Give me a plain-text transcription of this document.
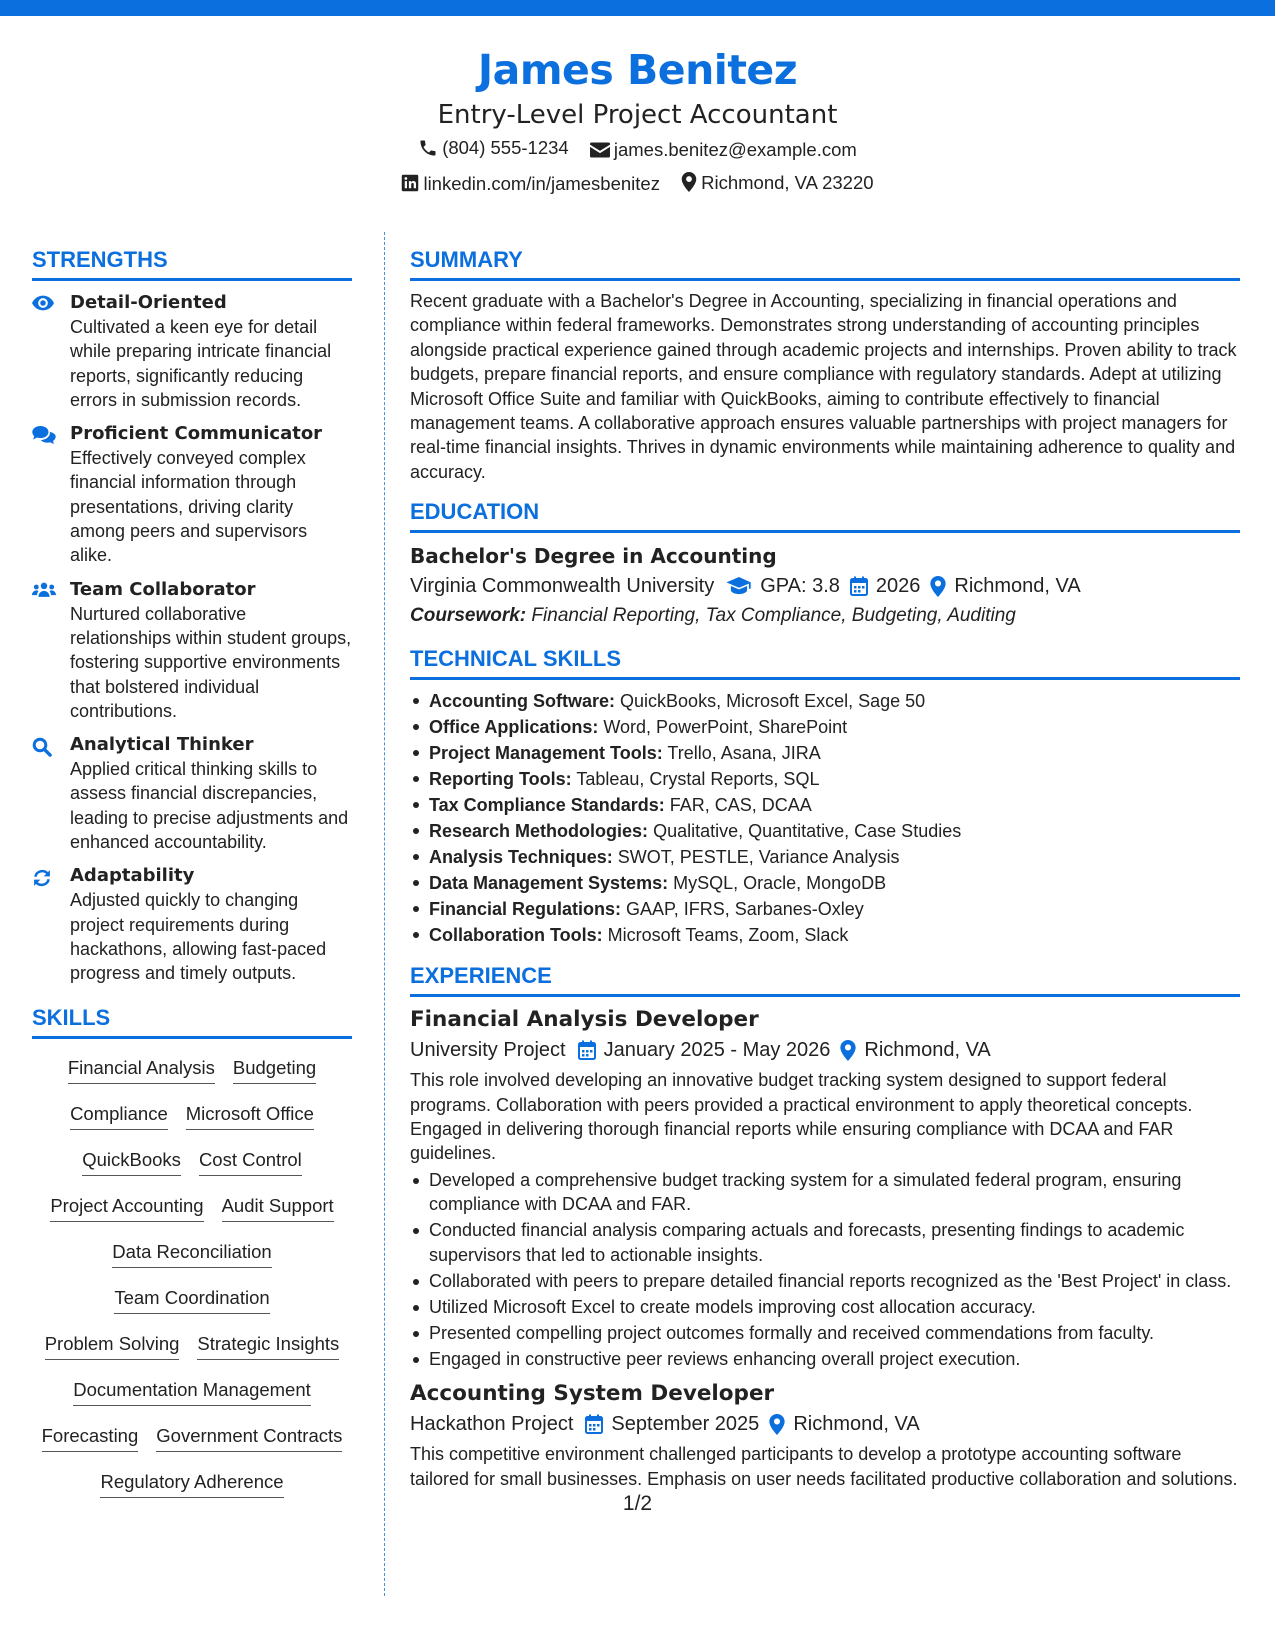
James Benitez
Entry-Level Project Accountant
(804) 555-1234
james.benitez@example.com
linkedin.com/in/jamesbenitez
Richmond, VA 23220
STRENGTHS
Detail-Oriented
Cultivated a keen eye for detail while preparing intricate financial reports, significantly reducing errors in submission records.
Proficient Communicator
Effectively conveyed complex financial information through presentations, driving clarity among peers and supervisors alike.
Team Collaborator
Nurtured collaborative relationships within student groups, fostering supportive environments that bolstered individual contributions.
Analytical Thinker
Applied critical thinking skills to assess financial discrepancies, leading to precise adjustments and enhanced accountability.
Adaptability
Adjusted quickly to changing project requirements during hackathons, allowing fast-paced progress and timely outputs.
SKILLS
Financial Analysis Budgeting
Compliance Microsoft Office
QuickBooks Cost Control
Project Accounting Audit Support
Data Reconciliation
Team Coordination
Problem Solving Strategic Insights
Documentation Management
Forecasting Government Contracts
Regulatory Adherence
SUMMARY
Recent graduate with a Bachelor's Degree in Accounting, specializing in financial operations and compliance within federal frameworks. Demonstrates strong understanding of accounting principles alongside practical experience gained through academic projects and internships. Proven ability to track budgets, prepare financial reports, and ensure compliance with regulatory standards. Adept at utilizing Microsoft Office Suite and familiar with QuickBooks, aiming to contribute effectively to financial management teams. A collaborative approach ensures valuable partnerships with project managers for real-time financial insights. Thrives in dynamic environments while maintaining adherence to quality and accuracy.
EDUCATION
Bachelor's Degree in Accounting
Virginia Commonwealth University GPA: 3.8 2026 Richmond, VA
Coursework: Financial Reporting, Tax Compliance, Budgeting, Auditing
TECHNICAL SKILLS
Accounting Software: QuickBooks, Microsoft Excel, Sage 50
Office Applications: Word, PowerPoint, SharePoint
Project Management Tools: Trello, Asana, JIRA
Reporting Tools: Tableau, Crystal Reports, SQL
Tax Compliance Standards: FAR, CAS, DCAA
Research Methodologies: Qualitative, Quantitative, Case Studies
Analysis Techniques: SWOT, PESTLE, Variance Analysis
Data Management Systems: MySQL, Oracle, MongoDB
Financial Regulations: GAAP, IFRS, Sarbanes-Oxley
Collaboration Tools: Microsoft Teams, Zoom, Slack
EXPERIENCE
Financial Analysis Developer
University Project January 2025 - May 2026 Richmond, VA
This role involved developing an innovative budget tracking system designed to support federal programs. Collaboration with peers provided a practical environment to apply theoretical concepts. Engaged in delivering thorough financial reports while ensuring compliance with DCAA and FAR guidelines.
Developed a comprehensive budget tracking system for a simulated federal program, ensuring compliance with DCAA and FAR.
Conducted financial analysis comparing actuals and forecasts, presenting findings to academic supervisors that led to actionable insights.
Collaborated with peers to prepare detailed financial reports recognized as the 'Best Project' in class.
Utilized Microsoft Excel to create models improving cost allocation accuracy.
Presented compelling project outcomes formally and received commendations from faculty.
Engaged in constructive peer reviews enhancing overall project execution.
Accounting System Developer
Hackathon Project September 2025 Richmond, VA
This competitive environment challenged participants to develop a prototype accounting software tailored for small businesses. Emphasis on user needs facilitated productive collaboration and solutions.
1/2
